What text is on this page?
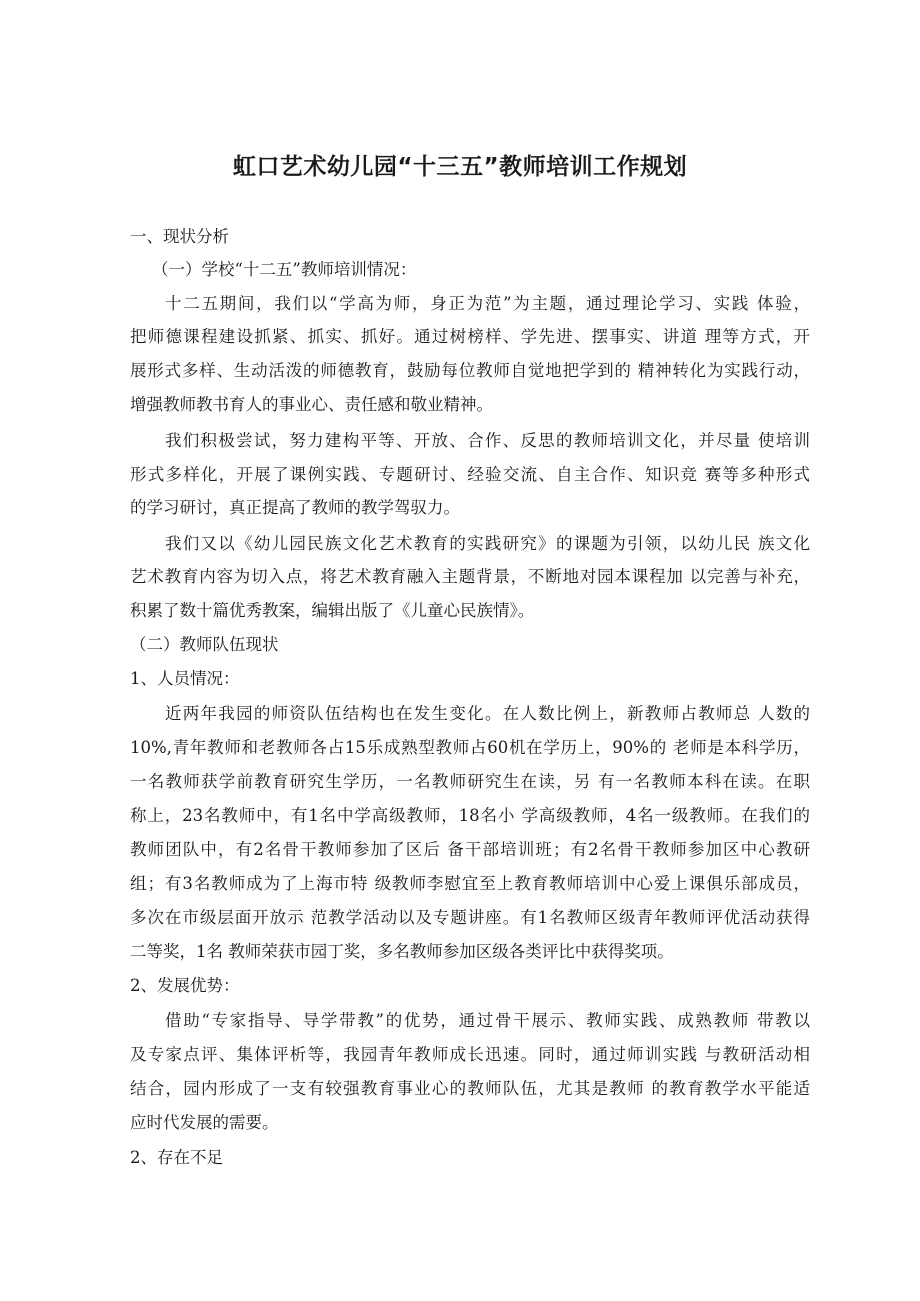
虹口艺术幼儿园“十三五”教师培训工作规划
一、现状分析
（一）学校“十二五”教师培训情况：
十二五期间，我们以“学高为师，身正为范”为主题，通过理论学习、实践 体验，
把师德课程建设抓紧、抓实、抓好。通过树榜样、学先进、摆事实、讲道 理等方式，开
展形式多样、生动活泼的师德教育，鼓励每位教师自觉地把学到的 精神转化为实践行动，
增强教师教书育人的事业心、责任感和敬业精神。
我们积极尝试，努力建构平等、开放、合作、反思的教师培训文化，并尽量 使培训
形式多样化，开展了课例实践、专题研讨、经验交流、自主合作、知识竞 赛等多种形式
的学习研讨，真正提高了教师的教学驾驭力。
我们又以《幼儿园民族文化艺术教育的实践研究》的课题为引领，以幼儿民 族文化
艺术教育内容为切入点，将艺术教育融入主题背景，不断地对园本课程加 以完善与补充，
积累了数十篇优秀教案，编辑出版了《儿童心民族情》。
（二）教师队伍现状
1、人员情况：
近两年我园的师资队伍结构也在发生变化。在人数比例上，新教师占教师总 人数的
10%,青年教师和老教师各占15乐成熟型教师占60机在学历上，90%的 老师是本科学历，
一名教师获学前教育研究生学历，一名教师研究生在读，另 有一名教师本科在读。在职
称上，23名教师中，有1名中学高级教师，18名小 学高级教师，4名一级教师。在我们的
教师团队中，有2名骨干教师参加了区后 备干部培训班；有2名骨干教师参加区中心教研
组；有3名教师成为了上海市特 级教师李慰宜至上教育教师培训中心爱上课俱乐部成员，
多次在市级层面开放示 范教学活动以及专题讲座。有1名教师区级青年教师评优活动获得
二等奖，1名 教师荣获市园丁奖，多名教师参加区级各类评比中获得奖项。
2、发展优势：
借助“专家指导、导学带教”的优势，通过骨干展示、教师实践、成熟教师 带教以
及专家点评、集体评析等，我园青年教师成长迅速。同时，通过师训实践 与教研活动相
结合，园内形成了一支有较强教育事业心的教师队伍，尤其是教师 的教育教学水平能适
应时代发展的需要。
2、存在不足
